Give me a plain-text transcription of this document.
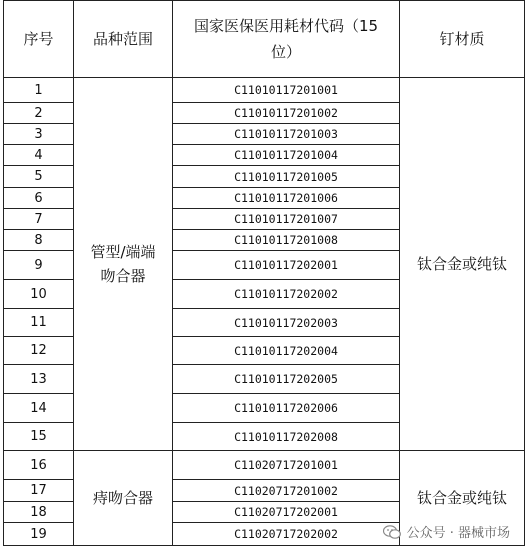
序号	品种范围	国家医保医用耗材代码（15位）	钉材质
1	管型/端端吻合器	C11010117201001	钛合金或纯钛
2		C11010117201002	
3		C11010117201003	
4		C11010117201004	
5		C11010117201005	
6		C11010117201006	
7		C11010117201007	
8		C11010117201008	
9		C11010117202001	
10		C11010117202002	
11		C11010117202003	
12		C11010117202004	
13		C11010117202005	
14		C11010117202006	
15		C11010117202008	
16	痔吻合器	C11020717201001	钛合金或纯钛
17		C11020717201002	
18		C11020717202001	
19		C11020717202002		公众号 · 器械市场
